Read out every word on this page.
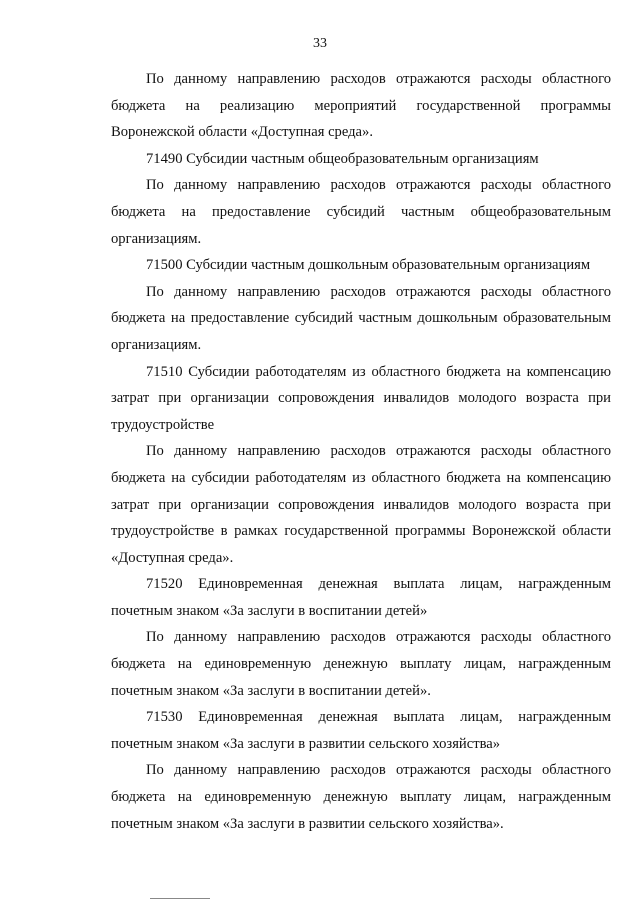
33

По данному направлению расходов отражаются расходы областного бюджета на реализацию мероприятий государственной программы Воронежской области «Доступная среда».

71490 Субсидии частным общеобразовательным организациям

По данному направлению расходов отражаются расходы областного бюджета на предоставление субсидий частным общеобразовательным организациям.

71500 Субсидии частным дошкольным образовательным организациям

По данному направлению расходов отражаются расходы областного бюджета на предоставление субсидий частным дошкольным образовательным организациям.

71510 Субсидии работодателям из областного бюджета на компенсацию затрат при организации сопровождения инвалидов молодого возраста при трудоустройстве

По данному направлению расходов отражаются расходы областного бюджета на субсидии работодателям из областного бюджета на компенсацию затрат при организации сопровождения инвалидов молодого возраста при трудоустройстве в рамках государственной программы Воронежской области «Доступная среда».

71520 Единовременная денежная выплата лицам, награжденным почетным знаком «За заслуги в воспитании детей»

По данному направлению расходов отражаются расходы областного бюджета на единовременную денежную выплату лицам, награжденным почетным знаком «За заслуги в воспитании детей».

71530 Единовременная денежная выплата лицам, награжденным почетным знаком «За заслуги в развитии сельского хозяйства»

По данному направлению расходов отражаются расходы областного бюджета на единовременную денежную выплату лицам, награжденным почетным знаком «За заслуги в развитии сельского хозяйства».
